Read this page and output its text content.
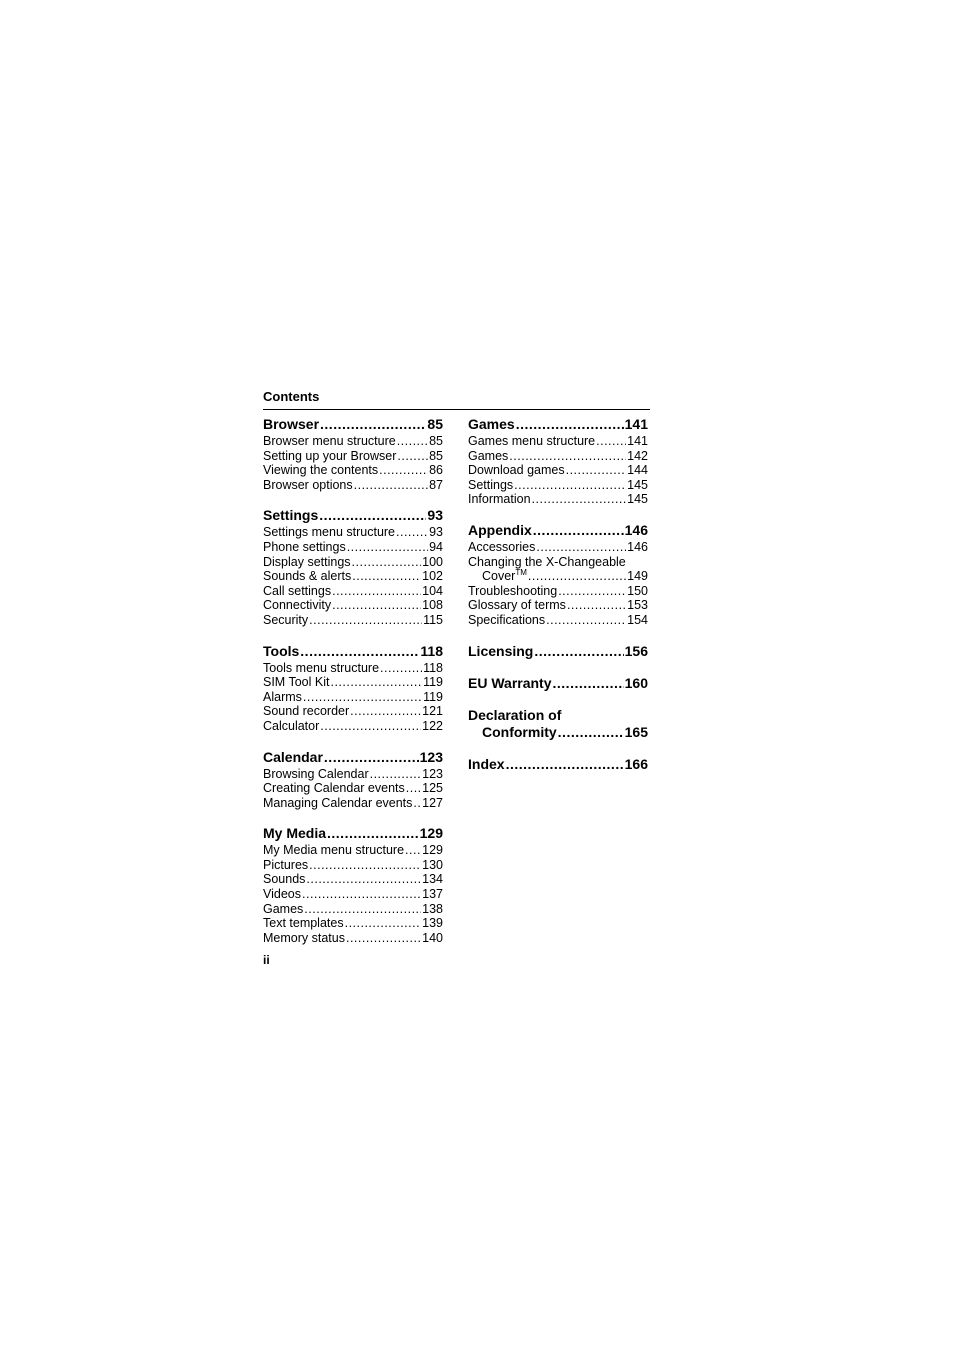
Contents
Browser .....	85
Browser menu structure .....	85
Setting up your Browser .....	85
Viewing the contents .....	86
Browser options .....	87
Settings .....	93
Settings menu structure .....	93
Phone settings .....	94
Display settings .....	100
Sounds & alerts .....	102
Call settings .....	104
Connectivity .....	108
Security .....	115
Tools .....	118
Tools menu structure .....	118
SIM Tool Kit .....	119
Alarms .....	119
Sound recorder .....	121
Calculator .....	122
Calendar .....	123
Browsing Calendar .....	123
Creating Calendar events ..... 125
Managing Calendar events ..... 127
My Media .....	129
My Media menu structure ..... 129
Pictures .....	130
Sounds .....	134
Videos .....	137
Games .....	138
Text templates .....	139
Memory status .....	140
Games .....	141
Games menu structure .....	141
Games .....	142
Download games .....	144
Settings .....	145
Information .....	145
Appendix .....	146
Accessories .....	146
Changing the X-Changeable
Cover™ .....	149
Troubleshooting .....	150
Glossary of terms .....	153
Specifications .....	154
Licensing .....	156
EU Warranty .....	160
Declaration of
Conformity .....	165
Index .....	166
ii
